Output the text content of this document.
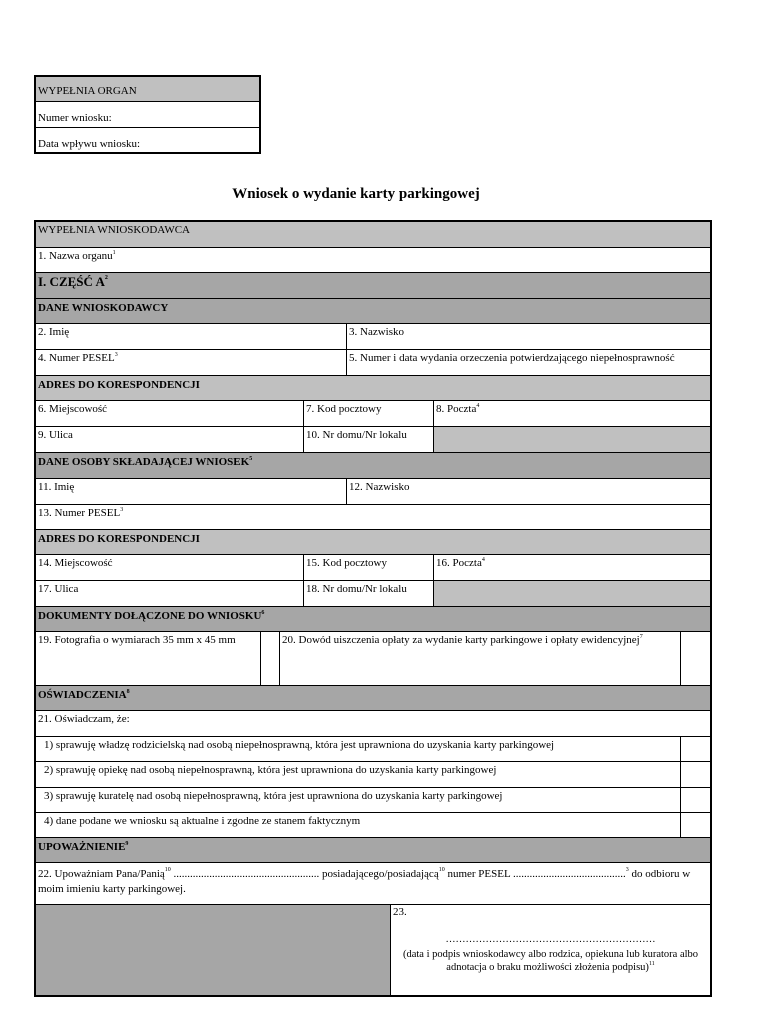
WYPEŁNIA ORGAN
Numer wniosku:
Data wpływu wniosku:
Wniosek o wydanie karty parkingowej
WYPEŁNIA WNIOSKODAWCA
1. Nazwa organu$^1$
I. CZĘŚĆ $A^2$
DANE WNIOSKODAWCY
2. Imię	3. Nazwisko
4. Numer PESEL$^3$	5. Numer i data wydania orzeczenia potwierdzającego niepełnosprawność
ADRES DO KORESPONDENCJI
6. Miejscowość	7. Kod pocztowy	8. Poczta$^4$
9. Ulica	10. Nr domu/Nr lokalu
DANE OSOBY SKŁADAJĄCEJ WNIOSEK$^5$
11. Imię	12. Nazwisko
13. Numer PESEL$^3$
ADRES DO KORESPONDENCJI
14. Miejscowość	15. Kod pocztowy	16. Poczta$^4$
17. Ulica	18. Nr domu/Nr lokalu
DOKUMENTY DOŁĄCZONE DO WNIOSKU$^6$
19. Fotografia o wymiarach 35 mm x 45 mm	20. Dowód uiszczenia opłaty za wydanie karty parkingowe i opłaty ewidencyjnej$^7$
OŚWIADCZENIA$^8$
21. Oświadczam, że:
1) sprawuję władzę rodzicielską nad osobą niepełnosprawną, która jest uprawniona do uzyskania karty parkingowej
2) sprawuję opiekę nad osobą niepełnosprawną, która jest uprawniona do uzyskania karty parkingowej
3) sprawuję kuratelę nad osobą niepełnosprawną, która jest uprawniona do uzyskania karty parkingowej
4) dane podane we wniosku są aktualne i zgodne ze stanem faktycznym
UPOWAŻNIENIE$^9$
22. Upoważniam Pana/Panią$^{10}$ ..................................................... posiadającego/posiadającą$^{10}$ numer PESEL .........................................$^3$ do odbioru w moim imieniu karty parkingowej.
23.
………………………………………………………
(data i podpis wnioskodawcy albo rodzica, opiekuna lub kuratora albo adnotacja o braku możliwości złożenia podpisu)$^{11}$
